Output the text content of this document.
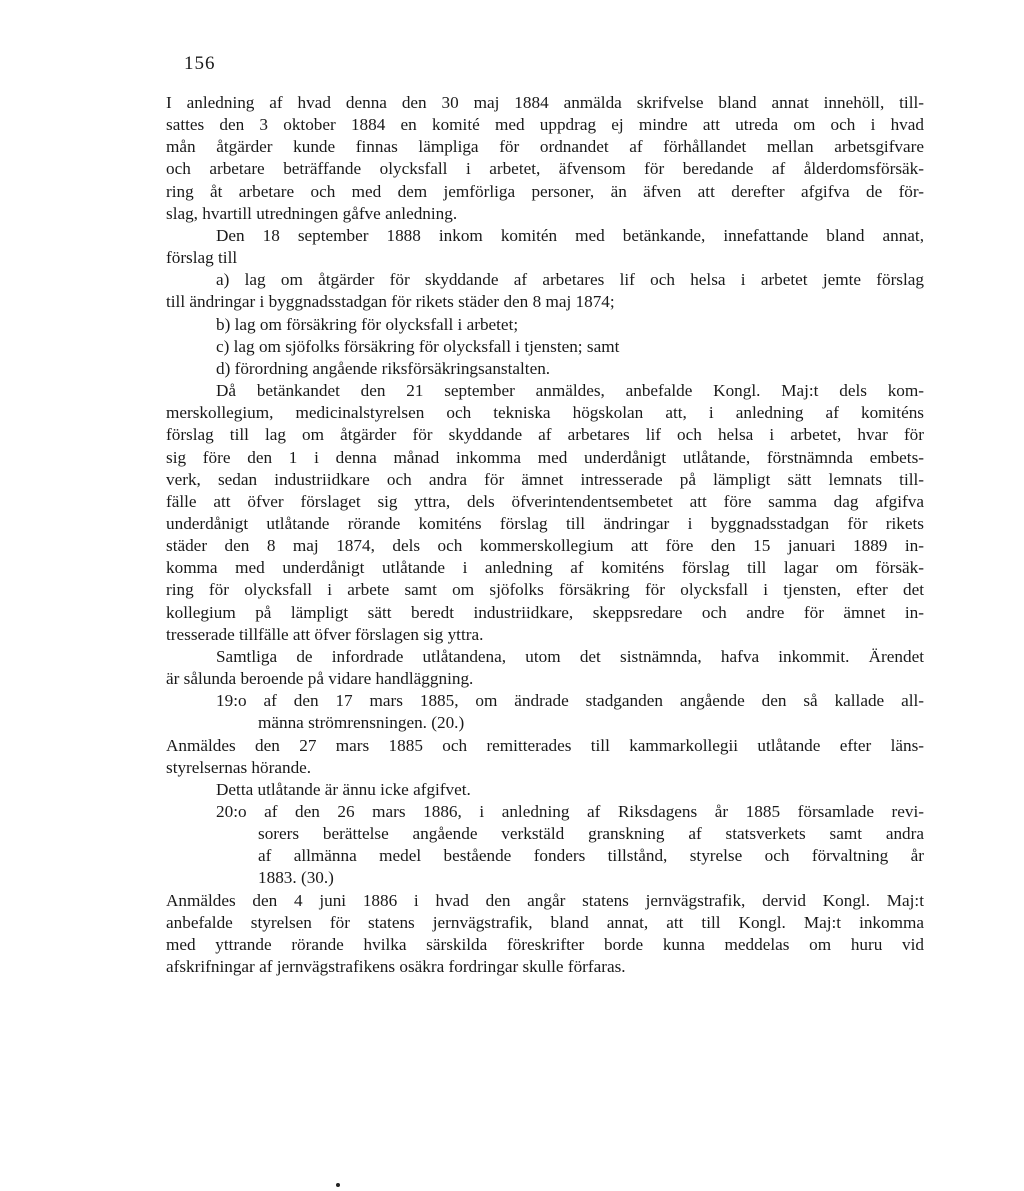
156
I anledning af hvad denna den 30 maj 1884 anmälda skrifvelse bland annat innehöll, till-
sattes den 3 oktober 1884 en komité med uppdrag ej mindre att utreda om och i hvad
mån åtgärder kunde finnas lämpliga för ordnandet af förhållandet mellan arbetsgifvare
och arbetare beträffande olycksfall i arbetet, äfvensom för beredande af ålderdomsförsäk-
ring åt arbetare och med dem jemförliga personer, än äfven att derefter afgifva de för-
slag, hvartill utredningen gåfve anledning.
Den 18 september 1888 inkom komitén med betänkande, innefattande bland annat,
förslag till
a) lag om åtgärder för skyddande af arbetares lif och helsa i arbetet jemte förslag
till ändringar i byggnadsstadgan för rikets städer den 8 maj 1874;
b) lag om försäkring för olycksfall i arbetet;
c) lag om sjöfolks försäkring för olycksfall i tjensten; samt
d) förordning angående riksförsäkringsanstalten.
Då betänkandet den 21 september anmäldes, anbefalde Kongl. Maj:t dels kom-
merskollegium, medicinalstyrelsen och tekniska högskolan att, i anledning af komiténs
förslag till lag om åtgärder för skyddande af arbetares lif och helsa i arbetet, hvar för
sig före den 1 i denna månad inkomma med underdånigt utlåtande, förstnämnda embets-
verk, sedan industriidkare och andra för ämnet intresserade på lämpligt sätt lemnats till-
fälle att öfver förslaget sig yttra, dels öfverintendentsembetet att före samma dag afgifva
underdånigt utlåtande rörande komiténs förslag till ändringar i byggnadsstadgan för rikets
städer den 8 maj 1874, dels och kommerskollegium att före den 15 januari 1889 in-
komma med underdånigt utlåtande i anledning af komiténs förslag till lagar om försäk-
ring för olycksfall i arbete samt om sjöfolks försäkring för olycksfall i tjensten, efter det
kollegium på lämpligt sätt beredt industriidkare, skeppsredare och andre för ämnet in-
tresserade tillfälle att öfver förslagen sig yttra.
Samtliga de infordrade utlåtandena, utom det sistnämnda, hafva inkommit. Ärendet
är sålunda beroende på vidare handläggning.
19:o af den 17 mars 1885, om ändrade stadganden angående den så kallade all-
männa strömrensningen. (20.)
Anmäldes den 27 mars 1885 och remitterades till kammarkollegii utlåtande efter läns-
styrelsernas hörande.
Detta utlåtande är ännu icke afgifvet.
20:o af den 26 mars 1886, i anledning af Riksdagens år 1885 församlade revi-
sorers berättelse angående verkstäld granskning af statsverkets samt andra
af allmänna medel bestående fonders tillstånd, styrelse och förvaltning år
1883. (30.)
Anmäldes den 4 juni 1886 i hvad den angår statens jernvägstrafik, dervid Kongl. Maj:t
anbefalde styrelsen för statens jernvägstrafik, bland annat, att till Kongl. Maj:t inkomma
med yttrande rörande hvilka särskilda föreskrifter borde kunna meddelas om huru vid
afskrifningar af jernvägstrafikens osäkra fordringar skulle förfaras.
